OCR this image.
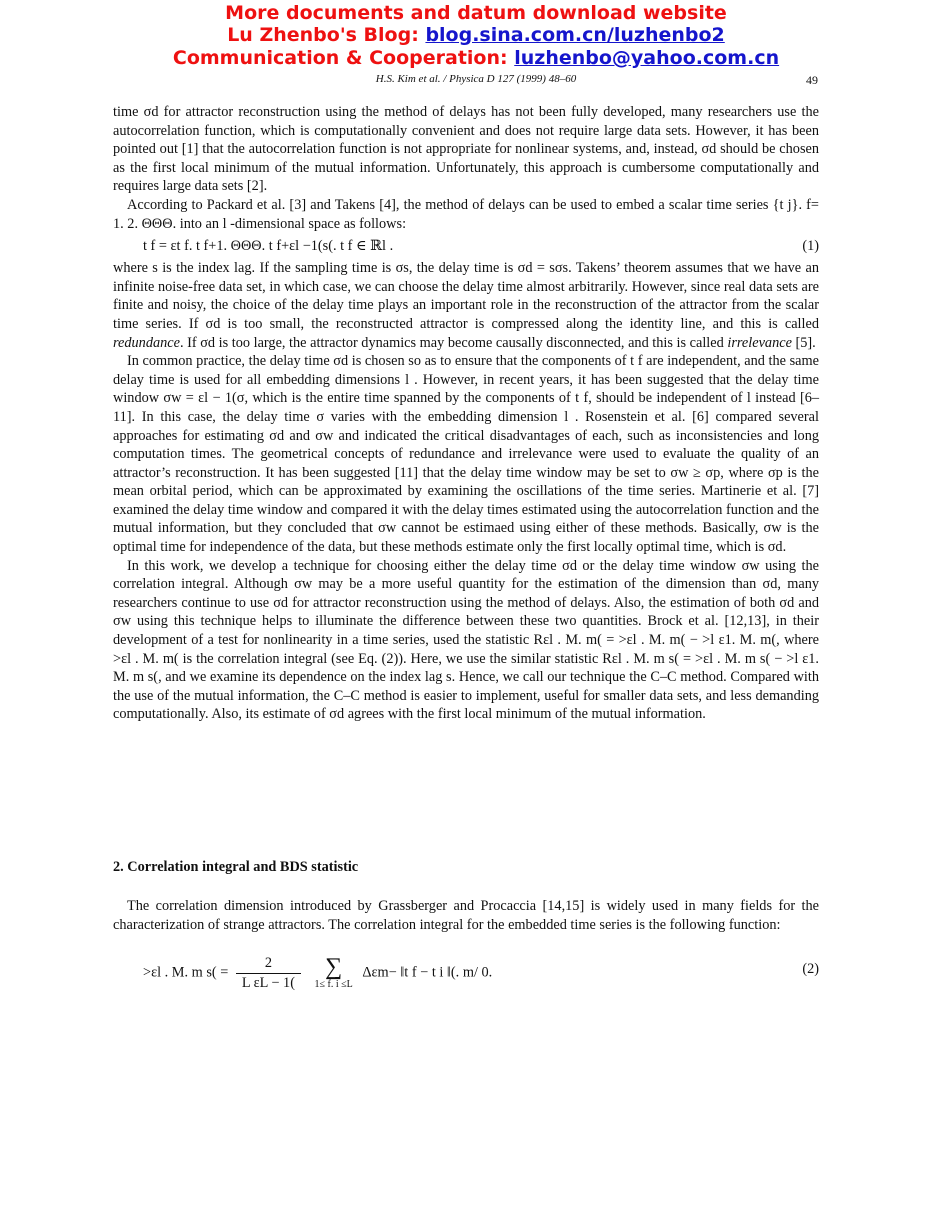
More documents and datum download website
Lu Zhenbo's Blog: blog.sina.com.cn/luzhenbo2
Communication & Cooperation: luzhenbo@yahoo.com.cn
H.S. Kim et al. / Physica D 127 (1999) 48–60	49

time σd for attractor reconstruction using the method of delays has not been fully developed, many researchers use the autocorrelation function, which is computationally convenient and does not require large data sets. However, it has been pointed out [1] that the autocorrelation function is not appropriate for nonlinear systems, and, instead, σd should be chosen as the first local minimum of the mutual information. Unfortunately, this approach is cumbersome computationally and requires large data sets [2].

According to Packard et al. [3] and Takens [4], the method of delays can be used to embed a scalar time series {t j}. f= 1. 2. ΘΘΘ. into an l -dimensional space as follows:

t f = εt f. t f+1. ΘΘΘ. t f+εl −1(s(. t f ∈ ℝl .	(1)

where s is the index lag. If the sampling time is σs, the delay time is σd = sσs. Takens’ theorem assumes that we have an infinite noise-free data set, in which case, we can choose the delay time almost arbitrarily. However, since real data sets are finite and noisy, the choice of the delay time plays an important role in the reconstruction of the attractor from the scalar time series. If σd is too small, the reconstructed attractor is compressed along the identity line, and this is called redundance. If σd is too large, the attractor dynamics may become causally disconnected, and this is called irrelevance [5].

In common practice, the delay time σd is chosen so as to ensure that the components of t f are independent, and the same delay time is used for all embedding dimensions l . However, in recent years, it has been suggested that the delay time window σw = εl − 1(σ, which is the entire time spanned by the components of t f, should be independent of l instead [6–11]. In this case, the delay time σ varies with the embedding dimension l . Rosenstein et al. [6] compared several approaches for estimating σd and σw and indicated the critical disadvantages of each, such as inconsistencies and long computation times. The geometrical concepts of redundance and irrelevance were used to evaluate the quality of an attractor’s reconstruction. It has been suggested [11] that the delay time window may be set to σw ≥ σp, where σp is the mean orbital period, which can be approximated by examining the oscillations of the time series. Martinerie et al. [7] examined the delay time window and compared it with the delay times estimated using the autocorrelation function and the mutual information, but they concluded that σw cannot be estimaed using either of these methods. Basically, σw is the optimal time for independence of the data, but these methods estimate only the first locally optimal time, which is σd.

In this work, we develop a technique for choosing either the delay time σd or the delay time window σw using the correlation integral. Although σw may be a more useful quantity for the estimation of the dimension than σd, many researchers continue to use σd for attractor reconstruction using the method of delays. Also, the estimation of both σd and σw using this technique helps to illuminate the difference between these two quantities. Brock et al. [12,13], in their development of a test for nonlinearity in a time series, used the statistic Rεl . M. m( = >εl . M. m( − >l ε1. M. m(, where >εl . M. m( is the correlation integral (see Eq. (2)). Here, we use the similar statistic Rεl . M. m s( = >εl . M. m s( − >l ε1. M. m s(, and we examine its dependence on the index lag s. Hence, we call our technique the C–C method. Compared with the use of the mutual information, the C–C method is easier to implement, useful for smaller data sets, and less demanding computationally. Also, its estimate of σd agrees with the first local minimum of the mutual information.

2. Correlation integral and BDS statistic

The correlation dimension introduced by Grassberger and Procaccia [14,15] is widely used in many fields for the characterization of strange attractors. The correlation integral for the embedded time series is the following function:

>εl . M. m $s( = \frac{2}{\text{L εL − 1(}}$
	∑
1≤ f. i ≤L
Δεm− ‖t f − t i ‖(. m/ 0.	(2)
